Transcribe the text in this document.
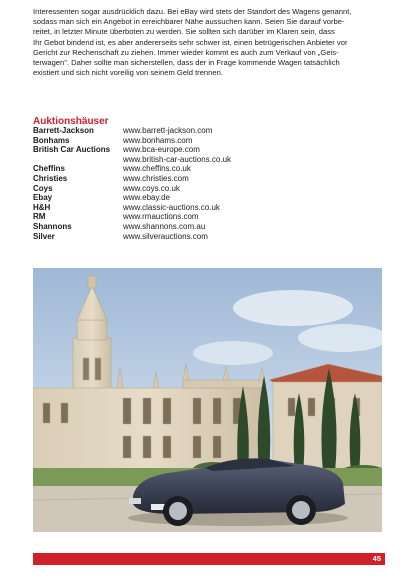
Interessenten sogar ausdrücklich dazu. Bei eBay wird stets der Standort des Wagens genannt,
sodass man sich ein Angebot in erreichbarer Nähe aussuchen kann. Seien Sie darauf vorbe-
reitet, in letzter Minute überboten zu werden. Sie sollten sich darüber im Klaren sein, dass
Ihr Gebot bindend ist, es aber andererseits sehr schwer ist, einen betrügerischen Anbieter vor
Gericht zur Rechenschaft zu ziehen. Immer wieder kommt es auch zum Verkauf von „Geis-
terwagen". Daher sollte man sicherstellen, dass der in Frage kommende Wagen tatsächlich
existiert und sich nicht voreilig von seinem Geld trennen.

Auktionshäuser
Barrett-Jackson	www.barrett-jackson.com
Bonhams	www.bonhams.com
British Car Auctions	www.bca-europe.com
www.british-car-auctions.co.uk
Cheffins	www.cheffins.co.uk
Christies	www.christies.com
Coys	www.coys.co.uk
Ebay	www.ebay.de
H&H	www.classic-auctions.co.uk
RM	www.rmauctions.com
Shannons	www.shannons.com.au
Silver	www.silverauctions.com
45
